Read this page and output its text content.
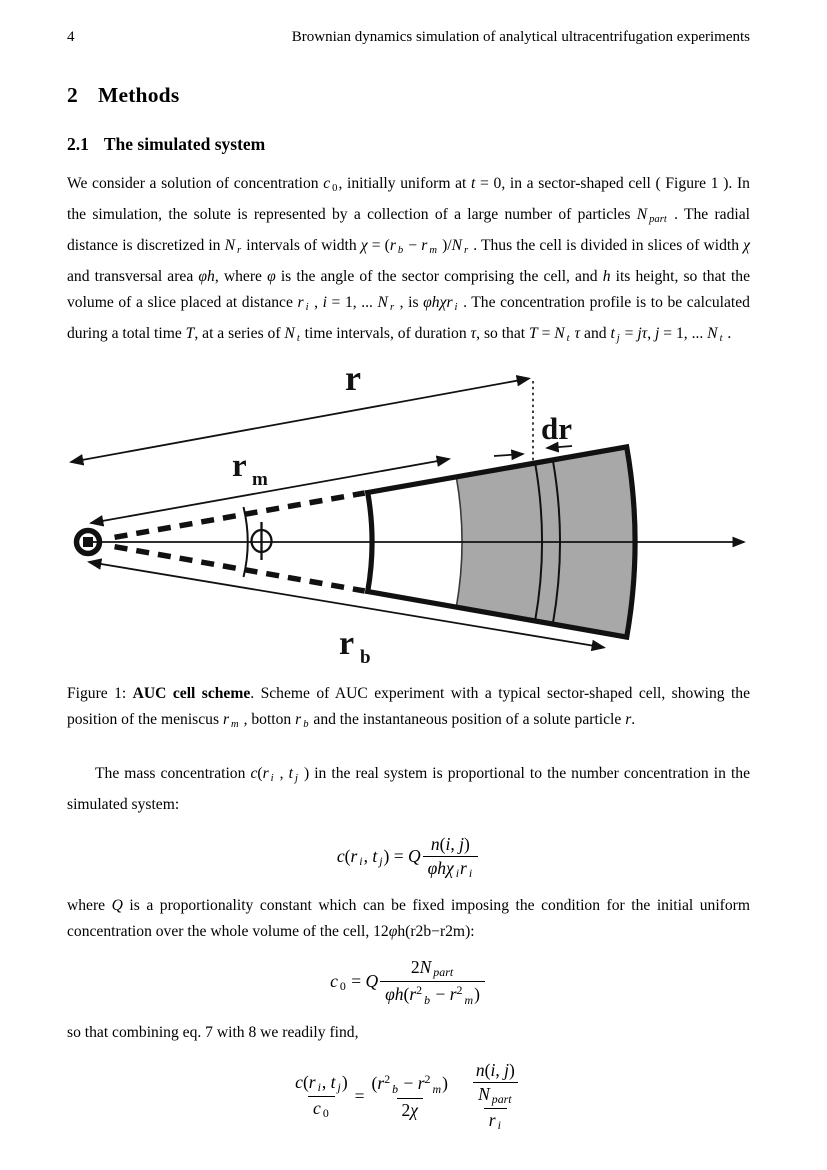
4	Brownian dynamics simulation of analytical ultracentrifugation experiments
2 Methods
2.1 The simulated system

We consider a solution of concentration c 0, initially uniform at t = 0, in a sector-shaped cell ( Figure 1 ). In the simulation, the solute is represented by a collection of a large number of particles N part . The radial distance is discretized in N r intervals of width χ = (r b − r m )/N r . Thus the cell is divided in slices of width χ and transversal area φh, where φ is the angle of the sector comprising the cell, and h its height, so that the volume of a slice placed at distance r i , i = 1, ... N r , is φhχr i . The concentration profile is to be calculated during a total time T, at a series of N t time intervals, of duration τ, so that T = N t τ and t j = jτ, j = 1, ... N t .

r
dr
r m
r b

Figure 1: AUC cell scheme. Scheme of AUC experiment with a typical sector-shaped cell, showing the position of the meniscus r m , botton r b and the instantaneous position of a solute particle r.

The mass concentration c(r i , t j ) in the real system is proportional to the number concentration in the simulated system:

c(r i, t j) = Q $\frac{n(i, j)}{\text{φhχ ir i}}$

where Q is a proportionality constant which can be fixed imposing the condition for the initial uniform concentration over the whole volume of the cell, 12φh(r2b−r2m):

c 0 = Q $\frac{\text{2N part}}{\varphi h(r^2b - r^2m)}$

so that combining eq. 7 with 8 we readily find,

$\frac{\text{c(r i, t j)}}{c 0} = \frac{(r^2b - r^2m)}{2\chi} \frac{\frac{n(i, j)}{\text{N part}}}{\text{r i}}$
